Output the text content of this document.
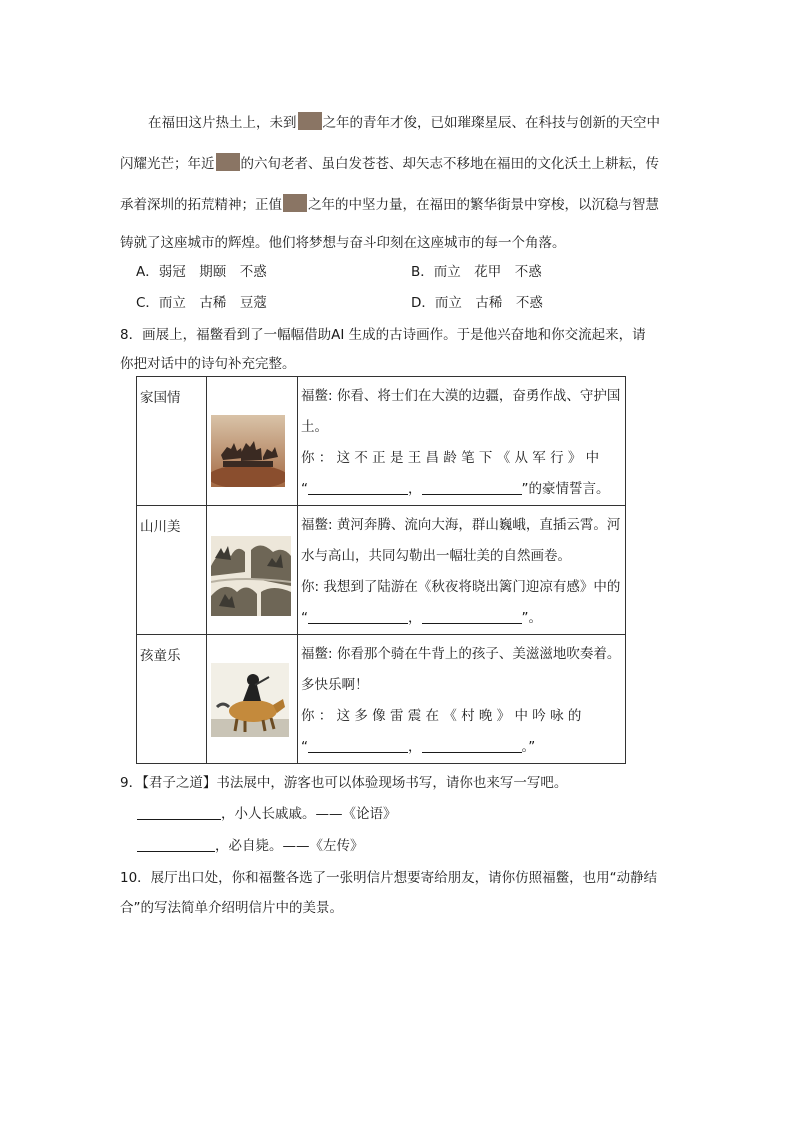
在福田这片热土上，未到 之年的青年才俊，已如璀璨星辰、在科技与创新的天空中
闪耀光芒；年近 的六旬老者、虽白发苍苍、却矢志不移地在福田的文化沃土上耕耘，传
承着深圳的拓荒精神；正值 之年的中坚力量，在福田的繁华街景中穿梭，以沉稳与智慧
铸就了这座城市的辉煌。他们将梦想与奋斗印刻在这座城市的每一个角落。
A．弱冠　期颐　不惑	B．而立　花甲　不惑
C．而立　古稀　豆蔻	D．而立　古稀　不惑
8．画展上，福鳖看到了一幅幅借助AI 生成的古诗画作。于是他兴奋地和你交流起来，请
你把对话中的诗句补充完整。
家国情		福鳖: 你看、将士们在大漠的边疆，奋勇作战、守护国
土。
你 ： 这 不 正 是 王 昌 龄 笔 下 《 从 军 行 》 中
“ ， ”的豪情誓言。

山川美		福鳖: 黄河奔腾、流向大海，群山巍峨，直插云霄。河
水与高山，共同勾勒出一幅壮美的自然画卷。
你: 我想到了陆游在《秋夜将晓出篱门迎凉有感》中的
“ ， ”。

孩童乐		福鳖: 你看那个骑在牛背上的孩子、美滋滋地吹奏着。
多快乐啊！
你 ： 这 多 像 雷 震 在 《 村 晚 》 中 吟 咏 的
“ ， 。”
9．【君子之道】书法展中，游客也可以体验现场书写，请你也来写一写吧。
，小人长戚戚。——《论语》
，必自毙。——《左传》
10．展厅出口处，你和福鳖各选了一张明信片想要寄给朋友，请你仿照福鳖，也用“动静结
合”的写法简单介绍明信片中的美景。
